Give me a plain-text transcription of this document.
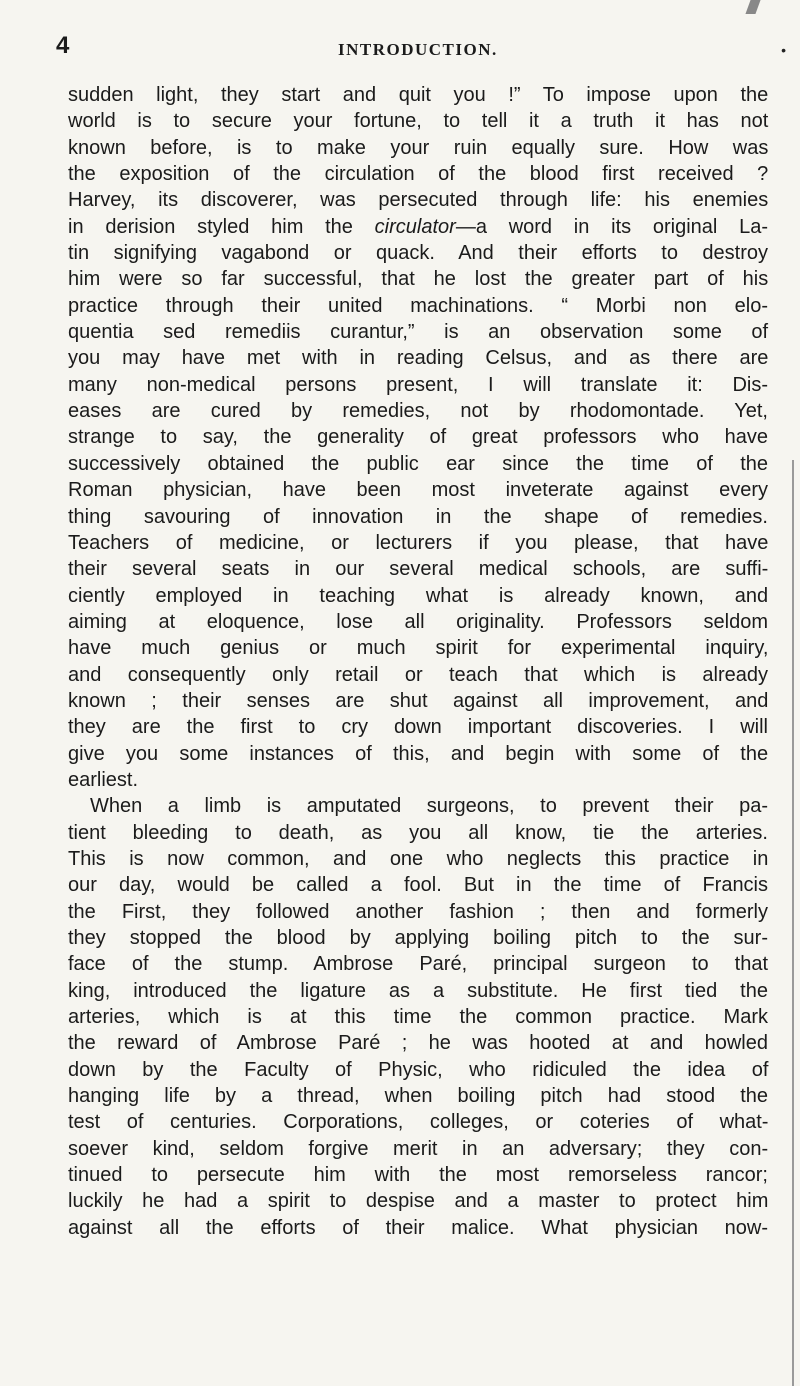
4	INTRODUCTION.	•

sudden light, they start and quit you !” To impose upon the
world is to secure your fortune, to tell it a truth it has not
known before, is to make your ruin equally sure. How was
the exposition of the circulation of the blood first received ?
Harvey, its discoverer, was persecuted through life: his enemies
in derision styled him the circulator—a word in its original La-
tin signifying vagabond or quack. And their efforts to destroy
him were so far successful, that he lost the greater part of his
practice through their united machinations. “ Morbi non elo-
quentia sed remediis curantur,” is an observation some of
you may have met with in reading Celsus, and as there are
many non-medical persons present, I will translate it: Dis-
eases are cured by remedies, not by rhodomontade. Yet,
strange to say, the generality of great professors who have
successively obtained the public ear since the time of the
Roman physician, have been most inveterate against every
thing savouring of innovation in the shape of remedies.
Teachers of medicine, or lecturers if you please, that have
their several seats in our several medical schools, are suffi-
ciently employed in teaching what is already known, and
aiming at eloquence, lose all originality. Professors seldom
have much genius or much spirit for experimental inquiry,
and consequently only retail or teach that which is already
known ; their senses are shut against all improvement, and
they are the first to cry down important discoveries. I will
give you some instances of this, and begin with some of the
earliest.

When a limb is amputated surgeons, to prevent their pa-
tient bleeding to death, as you all know, tie the arteries.
This is now common, and one who neglects this practice in
our day, would be called a fool. But in the time of Francis
the First, they followed another fashion ; then and formerly
they stopped the blood by applying boiling pitch to the sur-
face of the stump. Ambrose Paré, principal surgeon to that
king, introduced the ligature as a substitute. He first tied the
arteries, which is at this time the common practice. Mark
the reward of Ambrose Paré ; he was hooted at and howled
down by the Faculty of Physic, who ridiculed the idea of
hanging life by a thread, when boiling pitch had stood the
test of centuries. Corporations, colleges, or coteries of what-
soever kind, seldom forgive merit in an adversary; they con-
tinued to persecute him with the most remorseless rancor;
luckily he had a spirit to despise and a master to protect him
against all the efforts of their malice. What physician now-
